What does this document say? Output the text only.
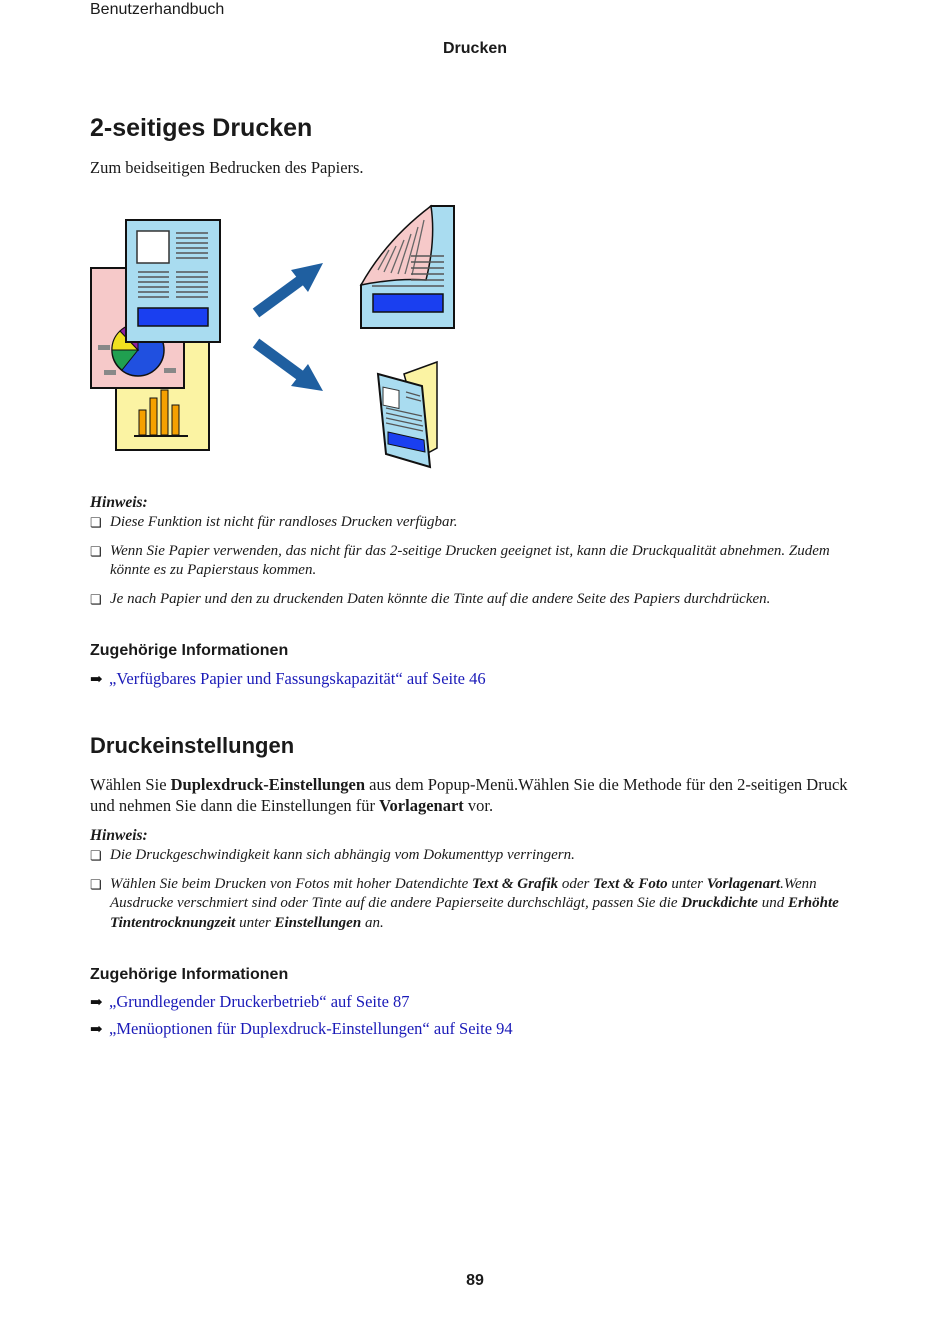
Benutzerhandbuch
Drucken
2-seitiges Drucken
Zum beidseitigen Bedrucken des Papiers.
Hinweis:
❏ Diese Funktion ist nicht für randloses Drucken verfügbar.
❏ Wenn Sie Papier verwenden, das nicht für das 2-seitige Drucken geeignet ist, kann die Druckqualität abnehmen. Zudem könnte es zu Papierstaus kommen.
❏ Je nach Papier und den zu druckenden Daten könnte die Tinte auf die andere Seite des Papiers durchdrücken.
Zugehörige Informationen
➡ „Verfügbares Papier und Fassungskapazität“ auf Seite 46
Druckeinstellungen
Wählen Sie Duplexdruck-Einstellungen aus dem Popup-Menü.Wählen Sie die Methode für den 2-seitigen Druck und nehmen Sie dann die Einstellungen für Vorlagenart vor.
Hinweis:
❏ Die Druckgeschwindigkeit kann sich abhängig vom Dokumenttyp verringern.
❏ Wählen Sie beim Drucken von Fotos mit hoher Datendichte Text & Grafik oder Text & Foto unter Vorlagenart.Wenn Ausdrucke verschmiert sind oder Tinte auf die andere Papierseite durchschlägt, passen Sie die Druckdichte und Erhöhte Tintentrocknungzeit unter Einstellungen an.
Zugehörige Informationen
➡ „Grundlegender Druckerbetrieb“ auf Seite 87
➡ „Menüoptionen für Duplexdruck-Einstellungen“ auf Seite 94
89
